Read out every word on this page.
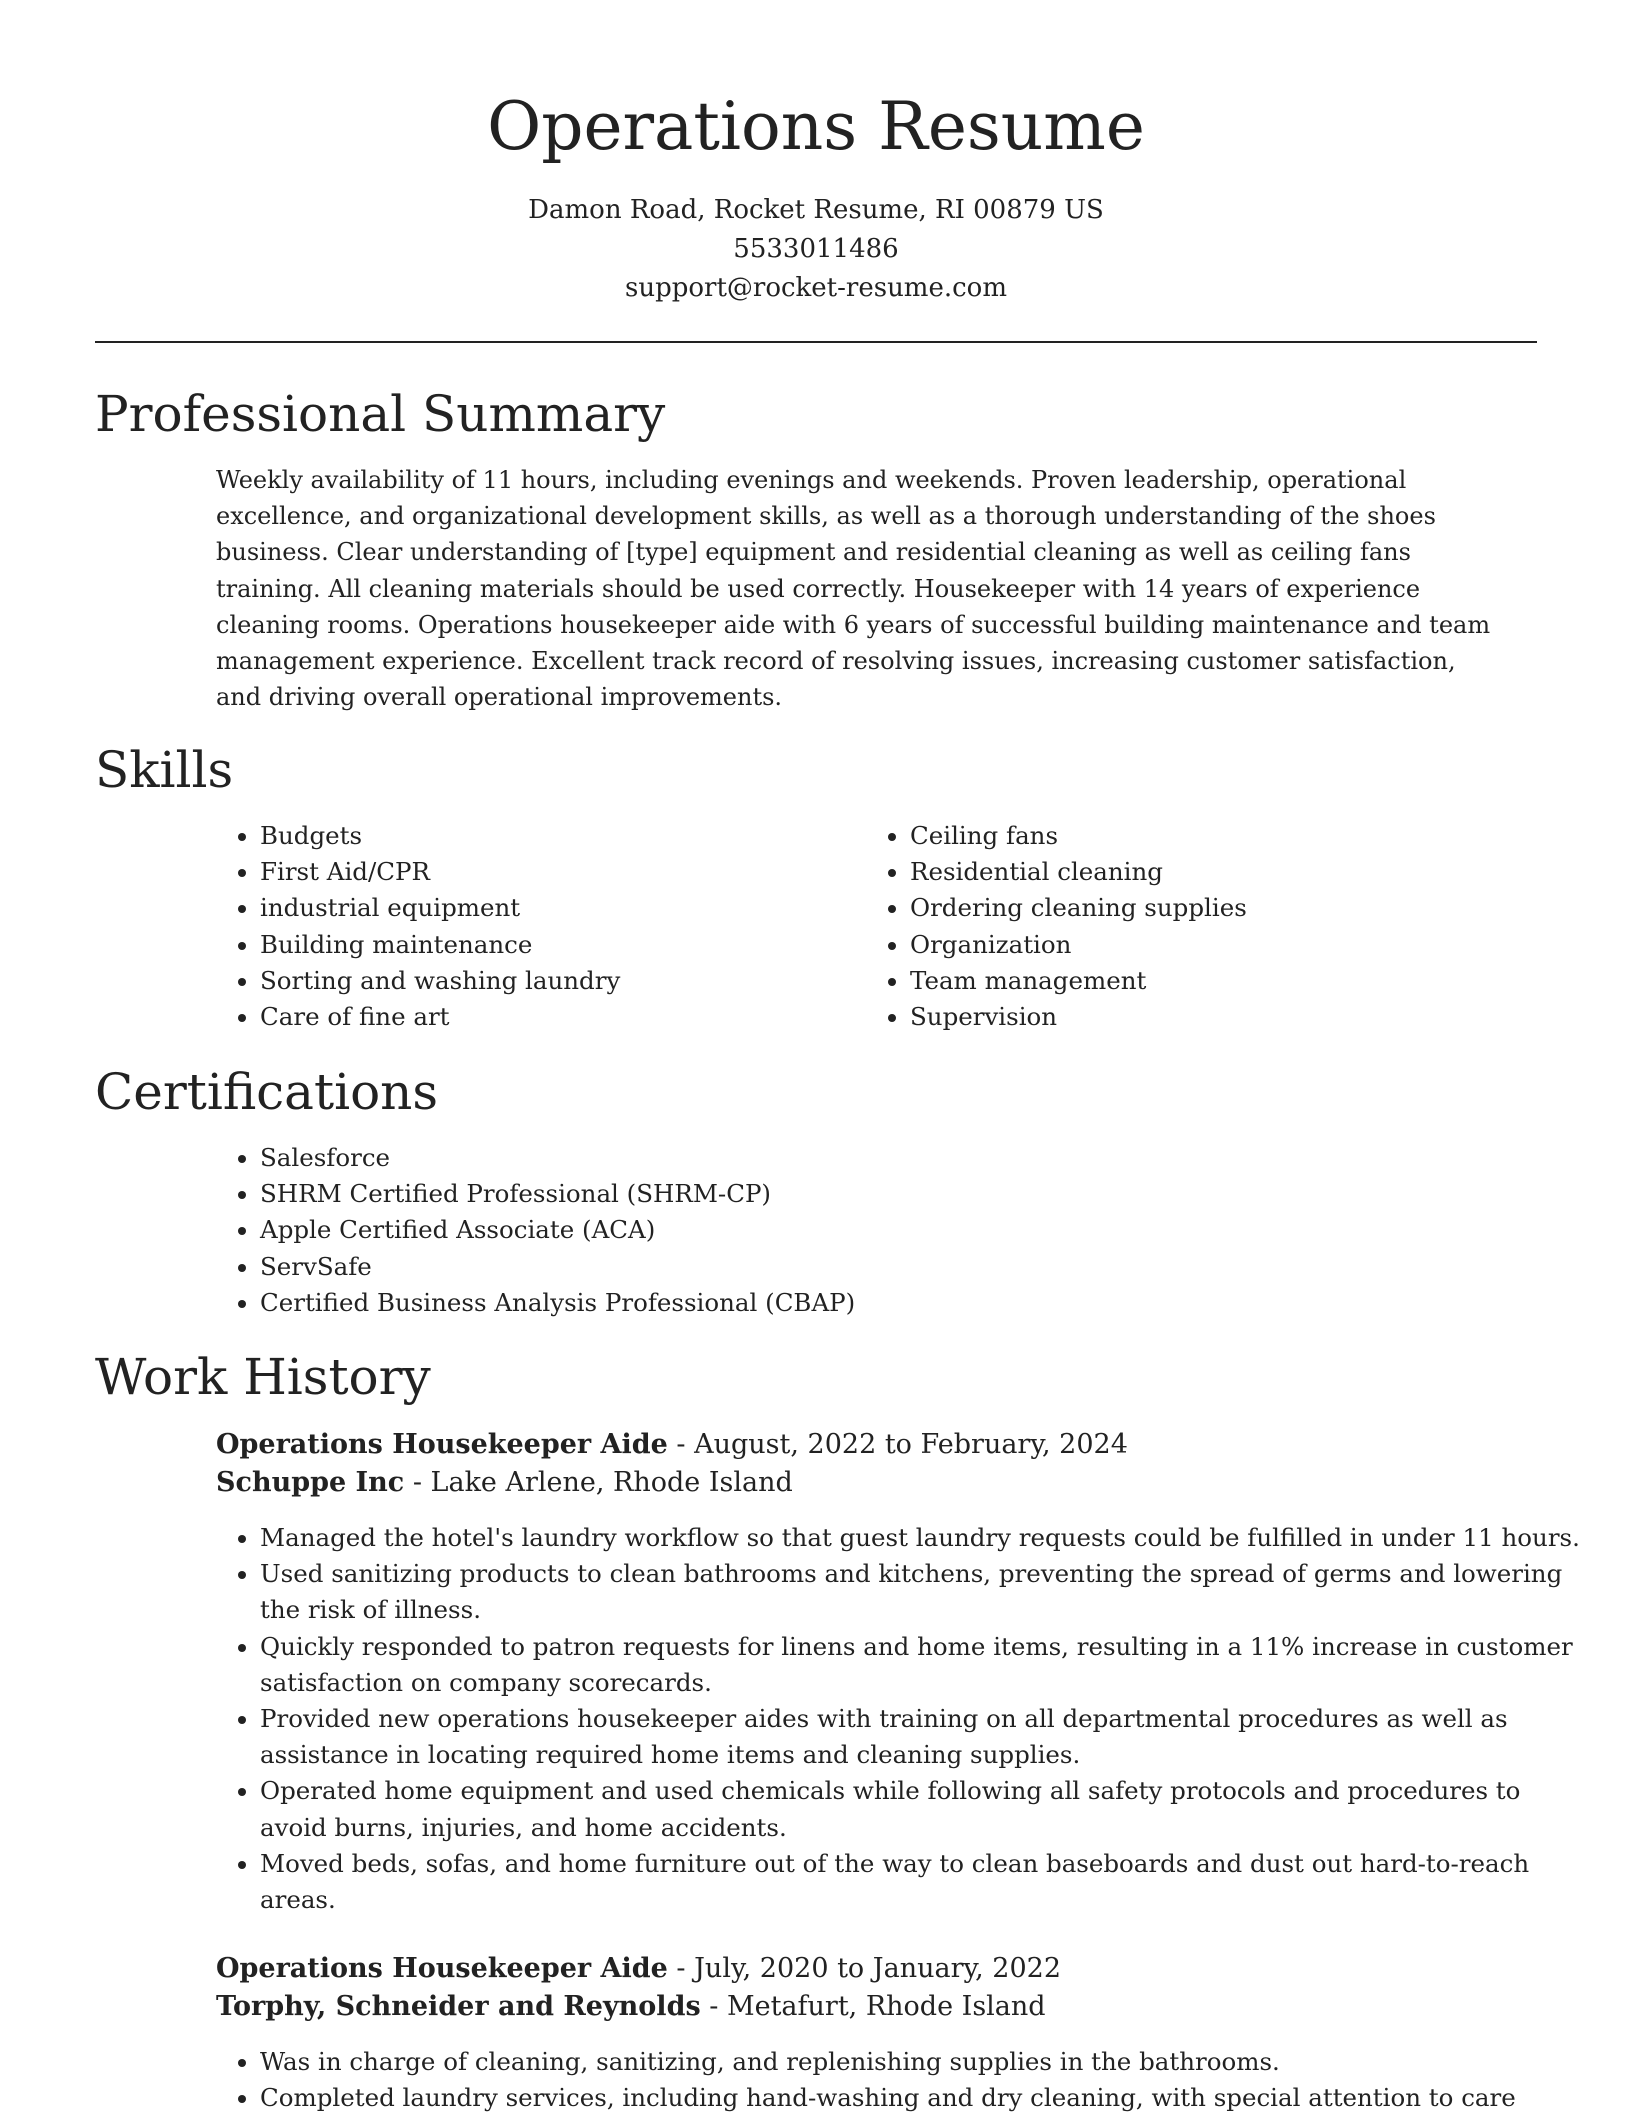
Operations Resume
Damon Road, Rocket Resume, RI 00879 US
5533011486
support@rocket-resume.com
Professional Summary
Weekly availability of 11 hours, including evenings and weekends. Proven leadership, operational excellence, and organizational development skills, as well as a thorough understanding of the shoes business. Clear understanding of [type] equipment and residential cleaning as well as ceiling fans training. All cleaning materials should be used correctly. Housekeeper with 14 years of experience cleaning rooms. Operations housekeeper aide with 6 years of successful building maintenance and team management experience. Excellent track record of resolving issues, increasing customer satisfaction, and driving overall operational improvements.
Skills
• Budgets
• First Aid/CPR
• industrial equipment
• Building maintenance
• Sorting and washing laundry
• Care of fine art
• Ceiling fans
• Residential cleaning
• Ordering cleaning supplies
• Organization
• Team management
• Supervision
Certifications
• Salesforce
• SHRM Certified Professional (SHRM-CP)
• Apple Certified Associate (ACA)
• ServSafe
• Certified Business Analysis Professional (CBAP)
Work History
Operations Housekeeper Aide - August, 2022 to February, 2024
Schuppe Inc - Lake Arlene, Rhode Island
• Managed the hotel's laundry workflow so that guest laundry requests could be fulfilled in under 11 hours.
• Used sanitizing products to clean bathrooms and kitchens, preventing the spread of germs and lowering the risk of illness.
• Quickly responded to patron requests for linens and home items, resulting in a 11% increase in customer satisfaction on company scorecards.
• Provided new operations housekeeper aides with training on all departmental procedures as well as assistance in locating required home items and cleaning supplies.
• Operated home equipment and used chemicals while following all safety protocols and procedures to avoid burns, injuries, and home accidents.
• Moved beds, sofas, and home furniture out of the way to clean baseboards and dust out hard-to-reach areas.
Operations Housekeeper Aide - July, 2020 to January, 2022
Torphy, Schneider and Reynolds - Metafurt, Rhode Island
• Was in charge of cleaning, sanitizing, and replenishing supplies in the bathrooms.
• Completed laundry services, including hand-washing and dry cleaning, with special attention to care
